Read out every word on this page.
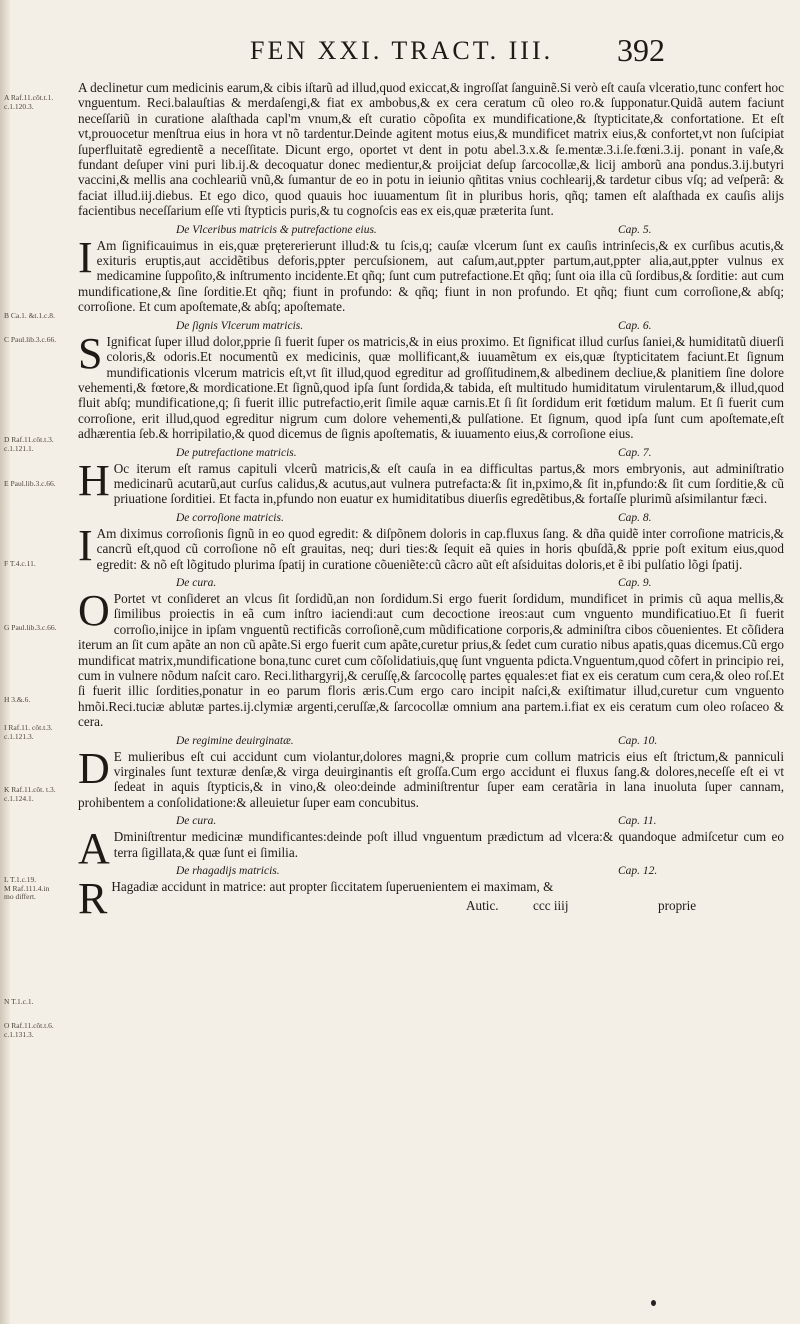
FEN XXI. TRACT. III. 392
A Raf.11.cõt.t.1.
c.1.120.3.
B Ca.1. &t.1.c.8.
C Paul.lib.3.c.66.
D Raf.11.cõt.t.3.
c.1.121.1.
E Paul.lib.3.c.66.
F T.4.c.11.
G Paul.lib.3.c.66.
H 3.&.6.
I Raf.11. cõt.t.3.
c.1.121.3.
K Raf.11.cõt. t.3.
c.1.124.1.
L T.1.c.19.
M Raf.111.4.in
mo differt.
N T.1.c.1.
O Raf.11.cõt.t.6.
c.1.131.3.

A declinetur cum medicinis earum,& cibis iſtarũ ad illud,quod exiccat,& ingroſſat ſanguinẽ.Si verò eſt cauſa vlceratio,tunc confert hoc vnguentum. Reci.balauſtias & merdaſengi,& fiat ex ambobus,& ex cera ceratum cũ oleo ro.& ſupponatur.Quidã autem faciunt neceſſariũ in curatione alaſthada capl'm vnum,& eſt curatio cõpoſita ex mundificatione,& ſtypticitate,& confortatione. Et eſt vt,prouocetur menſtrua eius in hora vt nõ tardentur.Deinde agitent motus eius,& mundificet matrix eius,& confortet,vt non ſuſcipiat ſuperfluitatẽ egredientẽ a neceſſitate. Dicunt ergo, oportet vt dent in potu abel.3.x.& ſe.mentæ.3.i.ſe.fœni.3.ij. ponant in vaſe,& fundant deſuper vini puri lib.ij.& decoquatur donec medientur,& proijciat deſup ſarcocollæ,& licij amborũ ana pondus.3.ij.butyri vaccini,& mellis ana cochleariũ vnũ,& ſumantur de eo in potu in ieiunio qñtitas vnius cochlearij,& tardetur cibus vſq; ad veſperã: & faciat illud.iij.diebus. Et ego dico, quod quauis hoc iuuamentum ſit in pluribus horis, qñq; tamen eſt alaſthada ex cauſis alijs facientibus neceſſarium eſſe vti ſtypticis puris,& tu cognoſcis eas ex eis,quæ præterita ſunt.

De Vlceribus matricis & putrefactione eius.	Cap. 5.
I Am ſignificauimus in eis,quæ prętererierunt illud:& tu ſcis,q; cauſæ vlcerum ſunt ex cauſis intrinſecis,& ex curſibus acutis,& exituris eruptis,aut accidẽtibus deforis,ppter percuſsionem, aut caſum,aut,ppter partum,aut,ppter alia,aut,ppter vulnus ex medicamine ſuppoſito,& inſtrumento incidente.Et qñq; ſunt cum putrefactione.Et qñq; ſunt oia illa cũ ſordibus,& ſorditie: aut cum mundificatione,& ſine ſorditie.Et qñq; fiunt in profundo: & qñq; fiunt in non profundo. Et qñq; fiunt cum corroſione,& abſq; corroſione. Et cum apoſtemate,& abſq; apoſtemate.

De ſignis Vlcerum matricis.	Cap. 6.
S Ignificat ſuper illud dolor,pprie ſi fuerit ſuper os matricis,& in eius proximo. Et ſignificat illud curſus ſaniei,& humiditatũ diuerſi coloris,& odoris.Et nocumentũ ex medicinis, quæ mollificant,& iuuamẽtum ex eis,quæ ſtypticitatem faciunt.Et ſignum mundificationis vlcerum matricis eſt,vt ſit illud,quod egreditur ad groſſitudinem,& albedinem decliue,& planitiem ſine dolore vehementi,& fœtore,& mordicatione.Et ſignũ,quod ipſa ſunt ſordida,& tabida, eſt multitudo humiditatum virulentarum,& illud,quod fluit abſq; mundificatione,q; ſi fuerit illic putrefactio,erit ſimile aquæ carnis.Et ſi ſit ſordidum erit fœtidum malum. Et ſi fuerit cum corroſione, erit illud,quod egreditur nigrum cum dolore vehementi,& pulſatione. Et ſignum, quod ipſa ſunt cum apoſtemate,eſt adhærentia ſeb.& horripilatio,& quod dicemus de ſignis apoſtematis, & iuuamento eius,& corroſione eius.

De putrefactione matricis.	Cap. 7.
H Oc iterum eſt ramus capituli vlcerũ matricis,& eſt cauſa in ea difficultas partus,& mors embryonis, aut adminiſtratio medicinarũ acutarũ,aut curſus calidus,& acutus,aut vulnera putrefacta:& ſit in,pximo,& ſit in,pfundo:& ſit cum ſorditie,& cũ priuatione ſorditiei. Et facta in,pfundo non euatur ex humiditatibus diuerſis egredẽtibus,& fortaſſe plurimũ aſsimilantur fæci.

De corroſione matricis.	Cap. 8.
I Am diximus corroſionis ſignũ in eo quod egredit: & diſpõnem doloris in cap.fluxus ſang. & dña quidẽ inter corroſione matricis,& cancrũ eſt,quod cũ corroſione nõ eſt grauitas, neq; duri ties:& ſequit eã quies in horis qbuſdã,& pprie poſt exitum eius,quod egredit: & nõ eſt lõgitudo plurima ſpatij in curatione cõueniẽte:cũ cãcro aũt eſt aſsiduitas doloris,et ẽ ibi pulſatio lõgi ſpatij.

De cura.	Cap. 9.
O Portet vt conſideret an vlcus ſit ſordidũ,an non ſordidum.Si ergo fuerit ſordidum, mundificet in primis cũ aqua mellis,& ſimilibus proiectis in eã cum inſtro iaciendi:aut cum decoctione ireos:aut cum vnguento mundificatiuo.Et ſi fuerit corroſio,inijce in ipſam vnguentũ rectificãs corroſionẽ,cum mũdificatione corporis,& adminiſtra cibos cõuenientes. Et cõſidera iterum an ſit cum apãte an non cũ apãte.Si ergo fuerit cum apãte,curetur prius,& ſedet cum curatio nibus apatis,quas dicemus.Cũ ergo mundificat matrix,mundificatione bona,tunc curet cum cõſolidatiuis,quę ſunt vnguenta pdicta.Vnguentum,quod cõfert in principio rei, cum in vulnere nõdum naſcit caro. Reci.lithargyrij,& ceruſſę,& ſarcocollę partes ęquales:et fiat ex eis ceratum cum cera,& oleo roſ.Et ſi fuerit illic ſordities,ponatur in eo parum floris æris.Cum ergo caro incipit naſci,& exiſtimatur illud,curetur cum vnguento hmõi.Reci.tuciæ ablutæ partes.ij.clymiæ argenti,ceruſſæ,& ſarcocollæ omnium ana partem.i.fiat ex eis ceratum cum oleo roſaceo & cera.

De regimine deuirginatæ.	Cap. 10.
D E mulieribus eſt cui accidunt cum violantur,dolores magni,& proprie cum collum matricis eius eſt ſtrictum,& panniculi virginales ſunt texturæ denſæ,& virga deuirginantis eſt groſſa.Cum ergo accidunt ei fluxus ſang.& dolores,neceſſe eſt ei vt ſedeat in aquis ſtypticis,& in vino,& oleo:deinde adminiſtrentur ſuper eam ceratãria in lana inuoluta ſuper cannam, prohibentem a conſolidatione:& alleuietur ſuper eam concubitus.

De cura.	Cap. 11.
A Dminiſtrentur medicinæ mundificantes:deinde poſt illud vnguentum prædictum ad vlcera:& quandoque admiſcetur cum eo terra ſigillata,& quæ ſunt ei ſimilia.

De rhagadijs matricis.	Cap. 12.
R Hagadiæ accidunt in matrice: aut propter ſiccitatem ſuperuenientem ei maximam, &

Autic.	ccc iiij	proprie
